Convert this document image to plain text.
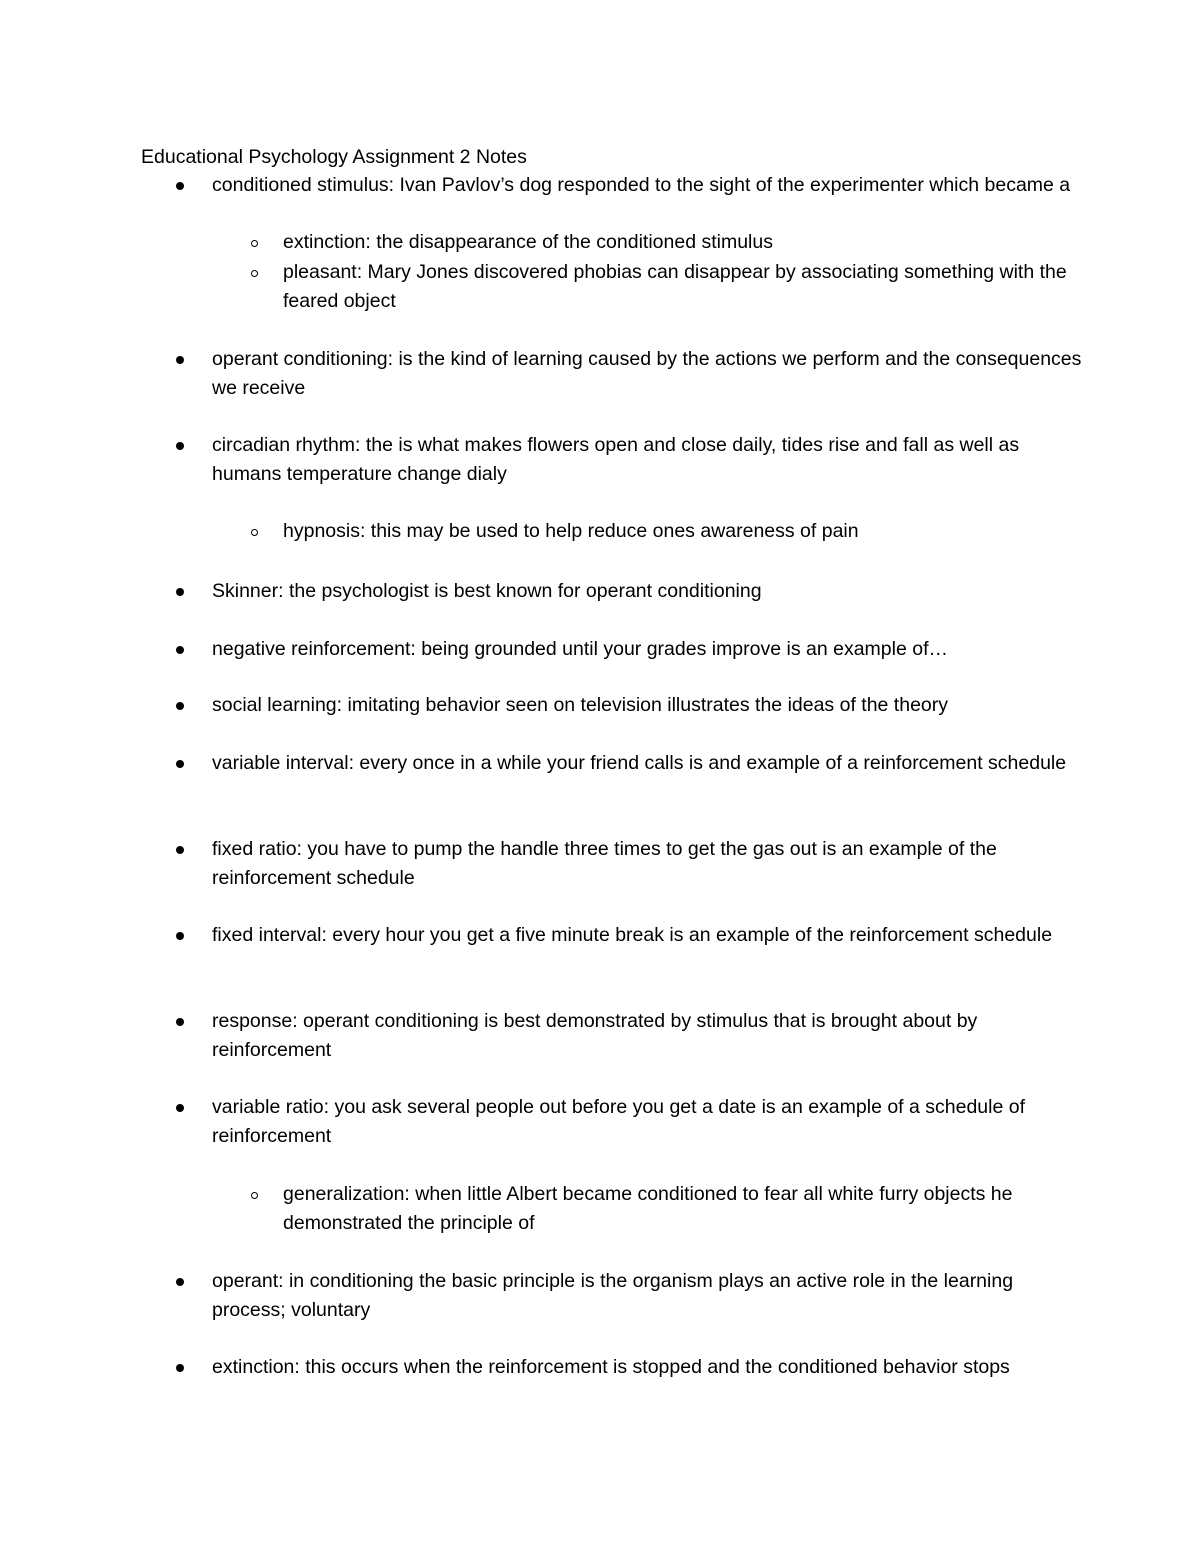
Educational Psychology Assignment 2 Notes
conditioned stimulus: Ivan Pavlov’s dog responded to the sight of the experimenter which became a
extinction: the disappearance of the conditioned stimulus
pleasant: Mary Jones discovered phobias can disappear by associating something with the feared object
operant conditioning: is the kind of learning caused by the actions we perform and the consequences we receive
circadian rhythm: the is what makes flowers open and close daily, tides rise and fall as well as humans temperature change dialy
hypnosis: this may be used to help reduce ones awareness of pain
Skinner: the psychologist is best known for operant conditioning
negative reinforcement: being grounded until your grades improve is an example of…
social learning: imitating behavior seen on television illustrates the ideas of the theory
variable interval: every once in a while your friend calls is and example of a reinforcement schedule
fixed ratio: you have to pump the handle three times to get the gas out is an example of the reinforcement schedule
fixed interval: every hour you get a five minute break is an example of the reinforcement schedule
response: operant conditioning is best demonstrated by stimulus that is brought about by reinforcement
variable ratio: you ask several people out before you get a date is an example of a schedule of reinforcement
generalization: when little Albert became conditioned to fear all white furry objects he demonstrated the principle of
operant: in conditioning the basic principle is the organism plays an active role in the learning process; voluntary
extinction: this occurs when the reinforcement is stopped and the conditioned behavior stops
